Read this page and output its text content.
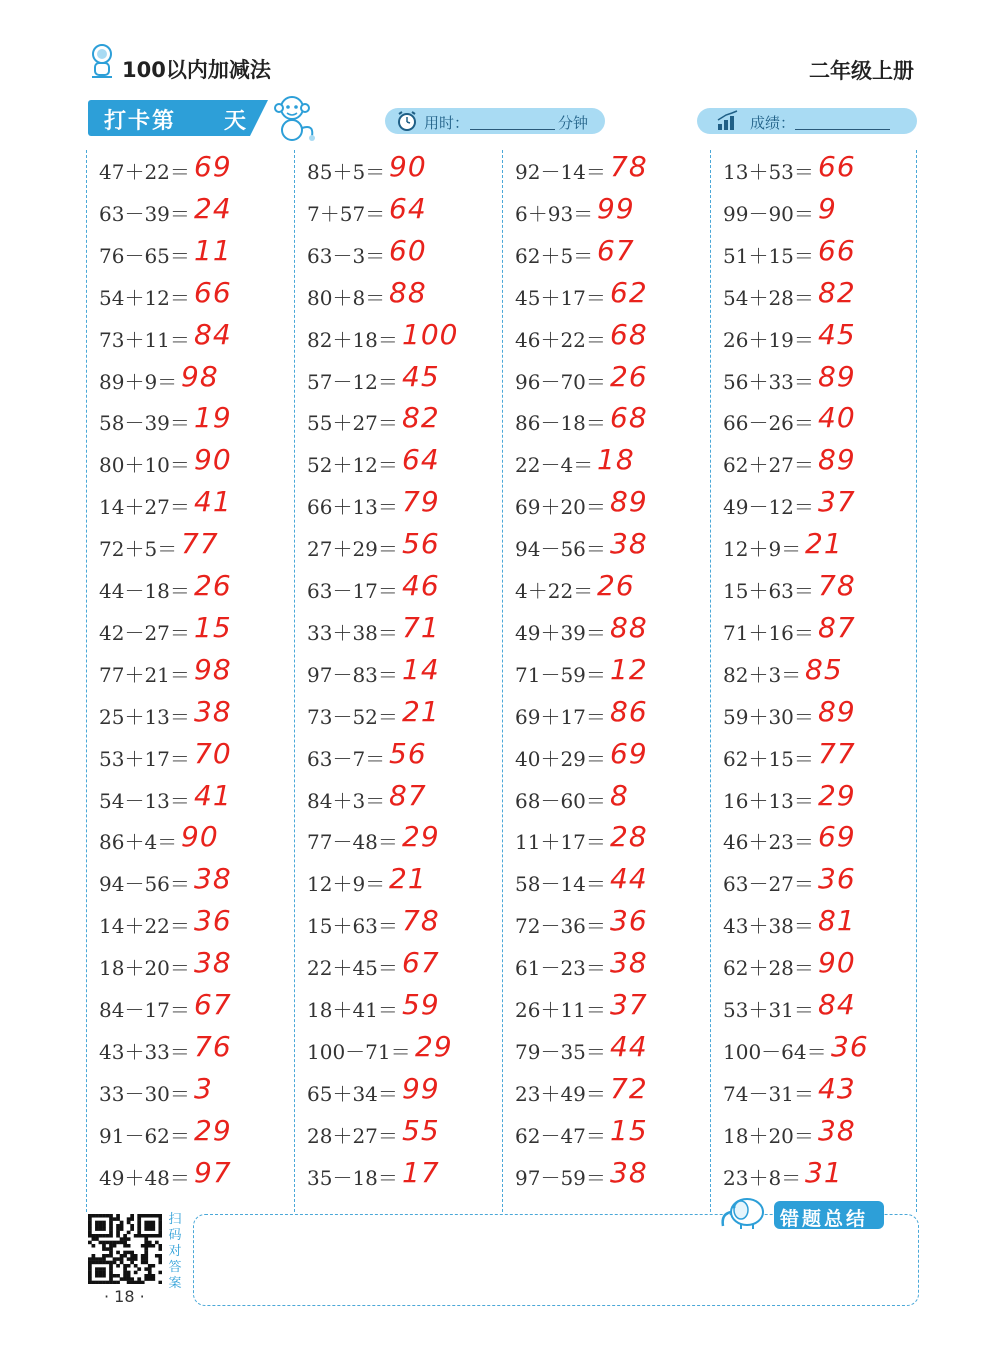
100以内加减法	二年级上册
打卡第 天	用时：	分钟	成绩：
47＋22＝ 69
63－39＝ 24
76－65＝ 11
54＋12＝ 66
73＋11＝ 84
89＋9＝ 98
58－39＝ 19
80＋10＝ 90
14＋27＝ 41
72＋5＝ 77
44－18＝ 26
42－27＝ 15
77＋21＝ 98
25＋13＝ 38
53＋17＝ 70
54－13＝ 41
86＋4＝ 90
94－56＝ 38
14＋22＝ 36
18＋20＝ 38
84－17＝ 67
43＋33＝ 76
33－30＝ 3
91－62＝ 29
49＋48＝ 97
85＋5＝ 90
7＋57＝ 64
63－3＝ 60
80＋8＝ 88
82＋18＝ 100
57－12＝ 45
55＋27＝ 82
52＋12＝ 64
66＋13＝ 79
27＋29＝ 56
63－17＝ 46
33＋38＝ 71
97－83＝ 14
73－52＝ 21
63－7＝ 56
84＋3＝ 87
77－48＝ 29
12＋9＝ 21
15＋63＝ 78
22＋45＝ 67
18＋41＝ 59
100－71＝ 29
65＋34＝ 99
28＋27＝ 55
35－18＝ 17
92－14＝ 78
6＋93＝ 99
62＋5＝ 67
45＋17＝ 62
46＋22＝ 68
96－70＝ 26
86－18＝ 68
22－4＝ 18
69＋20＝ 89
94－56＝ 38
4＋22＝ 26
49＋39＝ 88
71－59＝ 12
69＋17＝ 86
40＋29＝ 69
68－60＝ 8
11＋17＝ 28
58－14＝ 44
72－36＝ 36
61－23＝ 38
26＋11＝ 37
79－35＝ 44
23＋49＝ 72
62－47＝ 15
97－59＝ 38
13＋53＝ 66
99－90＝ 9
51＋15＝ 66
54＋28＝ 82
26＋19＝ 45
56＋33＝ 89
66－26＝ 40
62＋27＝ 89
49－12＝ 37
12＋9＝ 21
15＋63＝ 78
71＋16＝ 87
82＋3＝ 85
59＋30＝ 89
62＋15＝ 77
16＋13＝ 29
46＋23＝ 69
63－27＝ 36
43＋38＝ 81
62＋28＝ 90
53＋31＝ 84
100－64＝ 36
74－31＝ 43
18＋20＝ 38
23＋8＝ 31
扫码对答案
· 18 ·
错题总结
